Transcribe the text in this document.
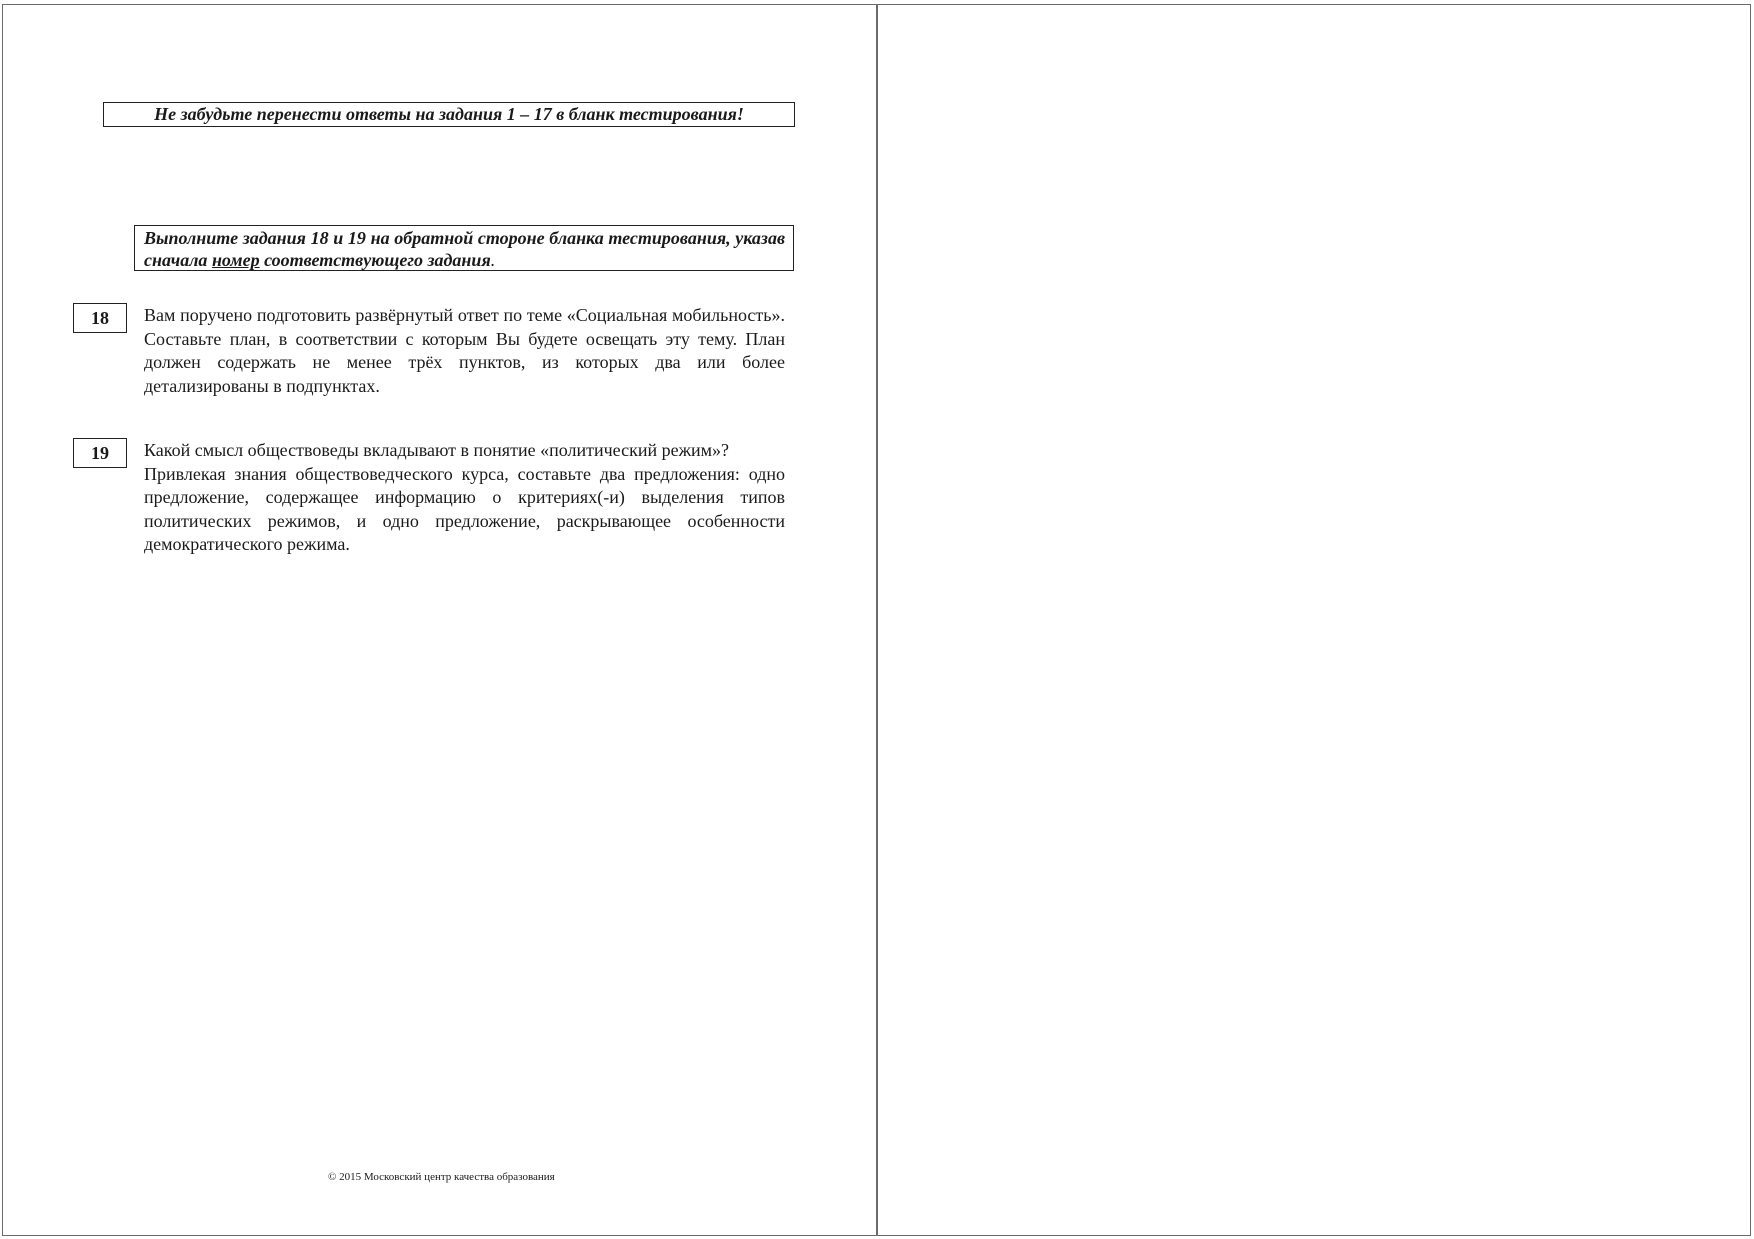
Не забудьте перенести ответы на задания 1 – 17 в бланк тестирования!
Выполните задания 18 и 19 на обратной стороне бланка тестирования, указав сначала номер соответствующего задания.
18	Вам поручено подготовить развёрнутый ответ по теме «Социальная мобильность». Составьте план, в соответствии с которым Вы будете освещать эту тему. План должен содержать не менее трёх пунктов, из которых два или более детализированы в подпунктах.

19	Какой смысл обществоведы вкладывают в понятие «политический режим»?

Привлекая знания обществоведческого курса, составьте два предложения: одно предложение, содержащее информацию о критериях(-и) выделения типов политических режимов, и одно предложение, раскрывающее особенности демократического режима.

© 2015 Московский центр качества образования
